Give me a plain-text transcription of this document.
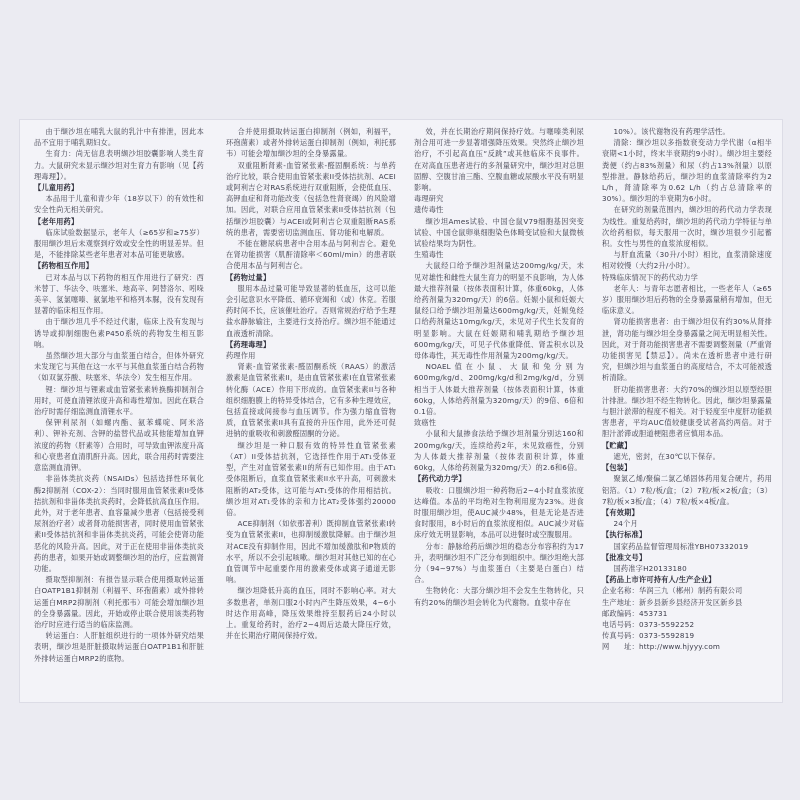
由于缬沙坦在哺乳大鼠的乳汁中有排泄，因此本品不宜用于哺乳期妇女。

生育力：尚无信息表明缬沙坦胶囊影响人类生育力。大鼠研究未显示缬沙坦对生育力有影响（见【药理毒理】）。

【儿童用药】

本品用于儿童和青少年（18岁以下）的有效性和安全性尚无相关研究。

【老年用药】

临床试验数据显示，老年人（≥65岁和≥75岁）服用缬沙坦后未观察到疗效或安全性的明显差异。但是，不能排除某些老年患者对本品可能更敏感。

【药物相互作用】

已对本品与以下药物的相互作用进行了研究：西米替丁、华法令、呋塞米、地高辛、阿替洛尔、吲哚美辛、氢氯噻嗪、氨氯地平和格列本脲，没有发现有显著的临床相互作用。

由于缬沙坦几乎不经过代谢，临床上没有发现与诱导或抑制细胞色素P450系统的药物发生相互影响。

虽然缬沙坦大部分与血浆蛋白结合，但体外研究未发现它与其他在这一水平与其他血浆蛋白结合药物（如双氯芬酸、呋塞米、华法令）发生相互作用。

锂：缬沙坦与锂素或血管紧张素转换酶抑制剂合用时，可使血清锂浓度升高和毒性增加。因此在联合治疗时需仔细监测血清锂水平。

保钾利尿剂（如螺内酯、氨苯蝶啶、阿米洛利）、钾补充剂、含钾的盐替代品或其他能增加血钾浓度的药物（肝素等）合用时，可导致血钾浓度升高和心衰患者血清肌酐升高。因此，联合用药时需要注意监测血清钾。

非甾体类抗炎药（NSAIDs）包括选择性环氧化酶2抑制剂（COX-2）：当同时服用血管紧张素II受体拮抗剂和非甾体类抗炎药时，会降低抗高血压作用。此外，对于老年患者、血容量减少患者（包括接受利尿剂治疗者）或者肾功能损害者，同时使用血管紧张素II受体拮抗剂和非甾体类抗炎药，可能会使肾功能恶化的风险升高。因此，对于正在使用非甾体类抗炎药的患者，如果开始或调整缬沙坦的治疗，应监测肾功能。

摄取型抑制剂：有报告显示联合使用摄取转运蛋白OATP1B1抑制剂（利福平、环孢菌素）或外排转运蛋白MRP2抑制剂（利托那韦）可能会增加缬沙坦的全身暴露量。因此，开始或停止联合使用该类药物治疗时应进行适当的临床监测。

转运蛋白：人肝脏组织进行的一项体外研究结果表明，缬沙坦是肝脏摄取转运蛋白OATP1B1和肝脏外排转运蛋白MRP2的底物。

合并使用摄取转运蛋白抑制剂（例如，利福平，环孢菌素）或者外排转运蛋白抑制剂（例如，利托那韦）可能会增加缬沙坦的全身暴露量。

双重阻断肾素-血管紧张素-醛固酮系统：与单药治疗比较，联合使用血管紧张素II受体拮抗剂、ACEI或阿利吉仑对RAS系统进行双重阻断，会使低血压、高钾血症和肾功能改变（包括急性肾衰竭）的风险增加。因此，对联合应用血管紧张素II受体拮抗剂（包括缬沙坦胶囊）与ACEI或阿利吉仑双重阻断RAS系统的患者，需要密切监测血压、肾功能和电解质。

不能在糖尿病患者中合用本品与阿利吉仑。避免在肾功能损害（肌酐清除率＜60ml/min）的患者联合使用本品与阿利吉仑。

【药物过量】

服用本品过量可能导致显著的低血压，这可以能会引起意识水平降低、循环衰竭和（或）休克。若服药时间不长，应该催吐治疗。否则常规治疗给予生理盐水静脉输注，主要进行支持治疗。缬沙坦不能通过血液透析清除。

【药理毒理】

药理作用

肾素-血管紧张素-醛固酮系统（RAAS）的激活激素是血管紧张素II，是由血管紧张素I在血管紧张素转化酶（ACE）作用下形成的。血管紧张素II与各种组织细胞膜上的特异受体结合，它有多种生理效应，包括直接或间接参与血压调节。作为强力缩血管物质，血管紧张素II具有直接的升压作用，此外还可促进钠的重吸收和刺激醛固酮的分泌。

缬沙坦是一种口服有效的特异性血管紧张素（AT）II受体拮抗剂，它选择性作用于AT₁受体亚型，产生对血管紧张素II的所有已知作用。由于AT₁受体阻断后，血浆血管紧张素II水平升高，可刺激未阻断的AT₂受体，这可能与AT₁受体的作用相拮抗。缬沙坦对AT₁受体的亲和力比AT₂受体强约20000倍。

ACE抑制剂（如依那普利）既抑制血管紧张素I转变为血管紧张素II，也抑制缓激肽降解。由于缬沙坦对ACE没有抑制作用，因此不增加缓激肽和P物质的水平，所以不会引起咳嗽。缬沙坦对其他已知的在心血管调节中起重要作用的激素受体或离子通道无影响。

缬沙坦降低升高的血压，同时不影响心率。对大多数患者，单剂口服2小时内产生降压效果，4~6小时达作用高峰，降压效果维持至服药后24小时以上。重复给药时，治疗2~4周后达最大降压疗效，并在长期治疗期间保持疗效。

效，并在长期治疗期间保持疗效。与噻嗪类利尿剂合用可进一步显著增强降压效果。突然终止缬沙坦治疗，不引起高血压“反跳”或其他临床不良事件。在对高血压患者进行的多剂量研究中，缬沙坦对总胆固醇、空腹甘油三酯、空腹血糖或尿酸水平没有明显影响。

毒理研究

遗传毒性

缬沙坦Ames试验、中国仓鼠V79细胞基因突变试验、中国仓鼠卵巢细胞染色体畸变试验和大鼠微核试验结果均为阴性。

生殖毒性

大鼠经口给予缬沙坦剂量达200mg/kg/天，未见对雄性和雌性大鼠生育力的明显不良影响，为人体最大推荐剂量（按体表面积计算，体重60kg，人体给药剂量为320mg/天）的6倍。妊娠小鼠和妊娠大鼠经口给予缬沙坦剂量达600mg/kg/天，妊娠兔经口给药剂量达10mg/kg/天，未见对子代生长发育的明显影响。大鼠在妊娠期和哺乳期给予缬沙坦600mg/kg/天，可见子代体重降低、肾盂积水以及母体毒性，其无毒性作用剂量为200mg/kg/天。

NOAEL值在小鼠、大鼠和兔分别为600mg/kg/d、200mg/kg/d和2mg/kg/d，分别相当于人体最大推荐剂量（按体表面积计算，体重60kg，人体给药剂量为320mg/天）的9倍、6倍和0.1倍。

致癌性

小鼠和大鼠掺食法给予缬沙坦剂量分别达160和200mg/kg/天，连续给药2年，未见致癌性，分别为人体最大推荐剂量（按体表面积计算，体重60kg，人体给药剂量为320mg/天）的2.6和6倍。

【药代动力学】

吸收：口服缬沙坦一种药物后2~4小时血浆浓度达峰值。本品的平均绝对生物利用度为23%。进食时服用缬沙坦，使AUC减少48%，但是无论是否进食时服用，8小时后的血浆浓度相似。AUC减少对临床疗效无明显影响，本品可以进餐时或空腹服用。

分布：静脉给药后缬沙坦的稳态分布容积约为17升，表明缬沙坦不广泛分布到组织中。缬沙坦绝大部分（94~97%）与血浆蛋白（主要是白蛋白）结合。

生物转化：大部分缬沙坦不会发生生物转化，只有约20%的缬沙坦会转化为代谢物。血浆中存在

10%）。该代谢物没有药理学活性。

清除：缬沙坦以多指数衰变动力学代谢（α相半衰期<1小时，终末半衰期约9小时）。缬沙坦主要经粪便（约占83%剂量）和尿（约占13%剂量）以原型排泄。静脉给药后，缬沙坦的血浆清除率约为2 L/h，肾清除率为0.62 L/h（约占总清除率的30%）。缬沙坦的半衰期为6小时。

在研究的剂量范围内，缬沙坦的药代动力学表现为线性。重复给药时，缬沙坦的药代动力学特征与单次给药相似，每天服用一次时，缬沙坦很少引起蓄积。女性与男性的血浆浓度相似。

与肝血流量（30升/小时）相比，血浆清除速度相对较慢（大约2升/小时）。

特殊临床情况下的药代动力学

老年人：与青年志愿者相比，一些老年人（≥65岁）服用缬沙坦后药物的全身暴露量稍有增加，但无临床意义。

肾功能损害患者：由于缬沙坦仅有约30%从肾排泄，肾功能与缬沙坦全身暴露量之间无明显相关性。因此，对于肾功能损害患者不需要调整剂量（严重肾功能损害见【禁忌】）。尚未在透析患者中进行研究，但缬沙坦与血浆蛋白的高度结合，不太可能被透析清除。

肝功能损害患者：大约70%的缬沙坦以原型经胆汁排泄。缬沙坦不经生物转化。因此，缬沙坦暴露量与胆汁淤滞的程度不相关。对于轻度至中度肝功能损害患者，平均AUC值较健康受试者高约两倍。对于胆汁淤滞或胆道梗阻患者应慎用本品。

【贮藏】

遮光，密封，在30℃以下保存。

【包装】

聚氯乙烯/聚偏二氯乙烯固体药用复合硬片，药用铝箔。（1）7粒/板/盒；（2）7粒/板×2板/盒；（3）7粒/板×3板/盒；（4）7粒/板×4板/盒。

【有效期】

24个月

【执行标准】

国家药品监督管理局标准YBH07332019

【批准文号】

国药准字H20133180

【药品上市许可持有人/生产企业】

企业名称：华润三九（郴州）制药有限公司

生产地址：新乡县新乡县经济开发区新乡县

邮政编码：453731

电话号码：0373-5592252

传真号码：0373-5592819

网　　址：http://www.hjyyy.com
